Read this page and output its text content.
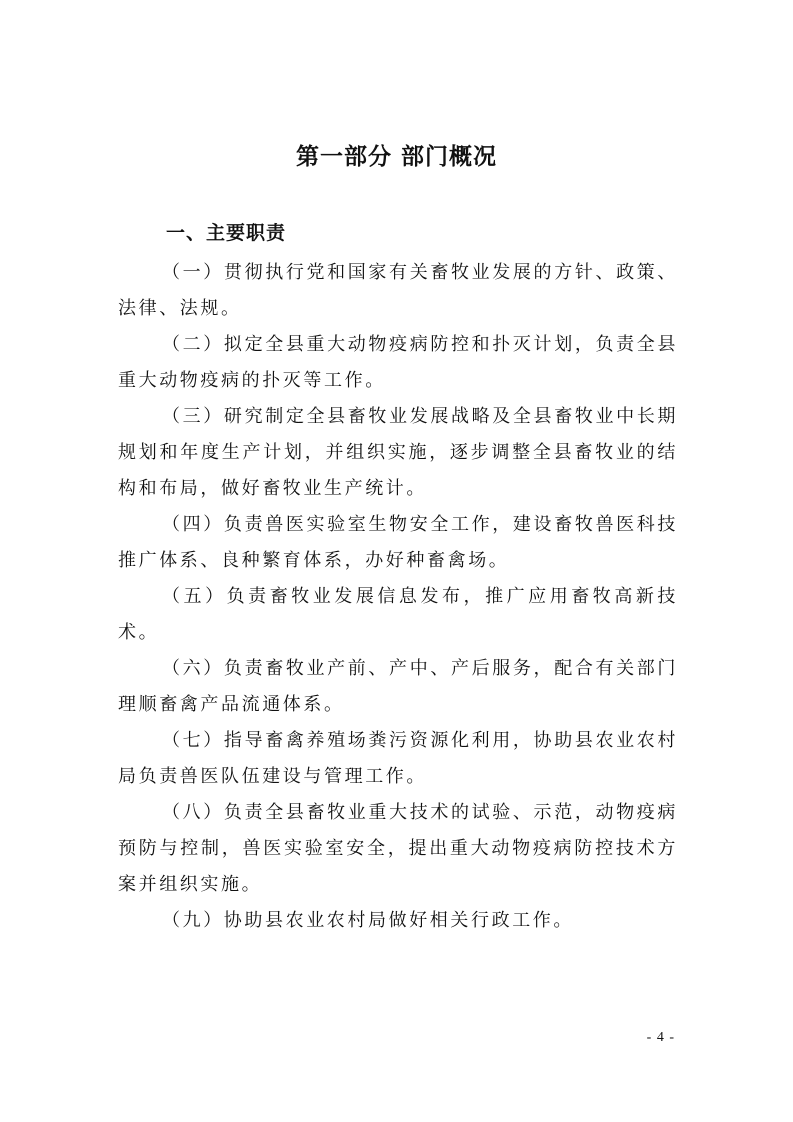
第一部分 部门概况
一、主要职责

（一）贯彻执行党和国家有关畜牧业发展的方针、政策、法律、法规。

（二）拟定全县重大动物疫病防控和扑灭计划，负责全县重大动物疫病的扑灭等工作。

（三）研究制定全县畜牧业发展战略及全县畜牧业中长期规划和年度生产计划，并组织实施，逐步调整全县畜牧业的结构和布局，做好畜牧业生产统计。

（四）负责兽医实验室生物安全工作，建设畜牧兽医科技推广体系、良种繁育体系，办好种畜禽场。

（五）负责畜牧业发展信息发布，推广应用畜牧高新技术。

（六）负责畜牧业产前、产中、产后服务，配合有关部门理顺畜禽产品流通体系。

（七）指导畜禽养殖场粪污资源化利用，协助县农业农村局负责兽医队伍建设与管理工作。

（八）负责全县畜牧业重大技术的试验、示范，动物疫病预防与控制，兽医实验室安全，提出重大动物疫病防控技术方案并组织实施。

（九）协助县农业农村局做好相关行政工作。

- 4 -
